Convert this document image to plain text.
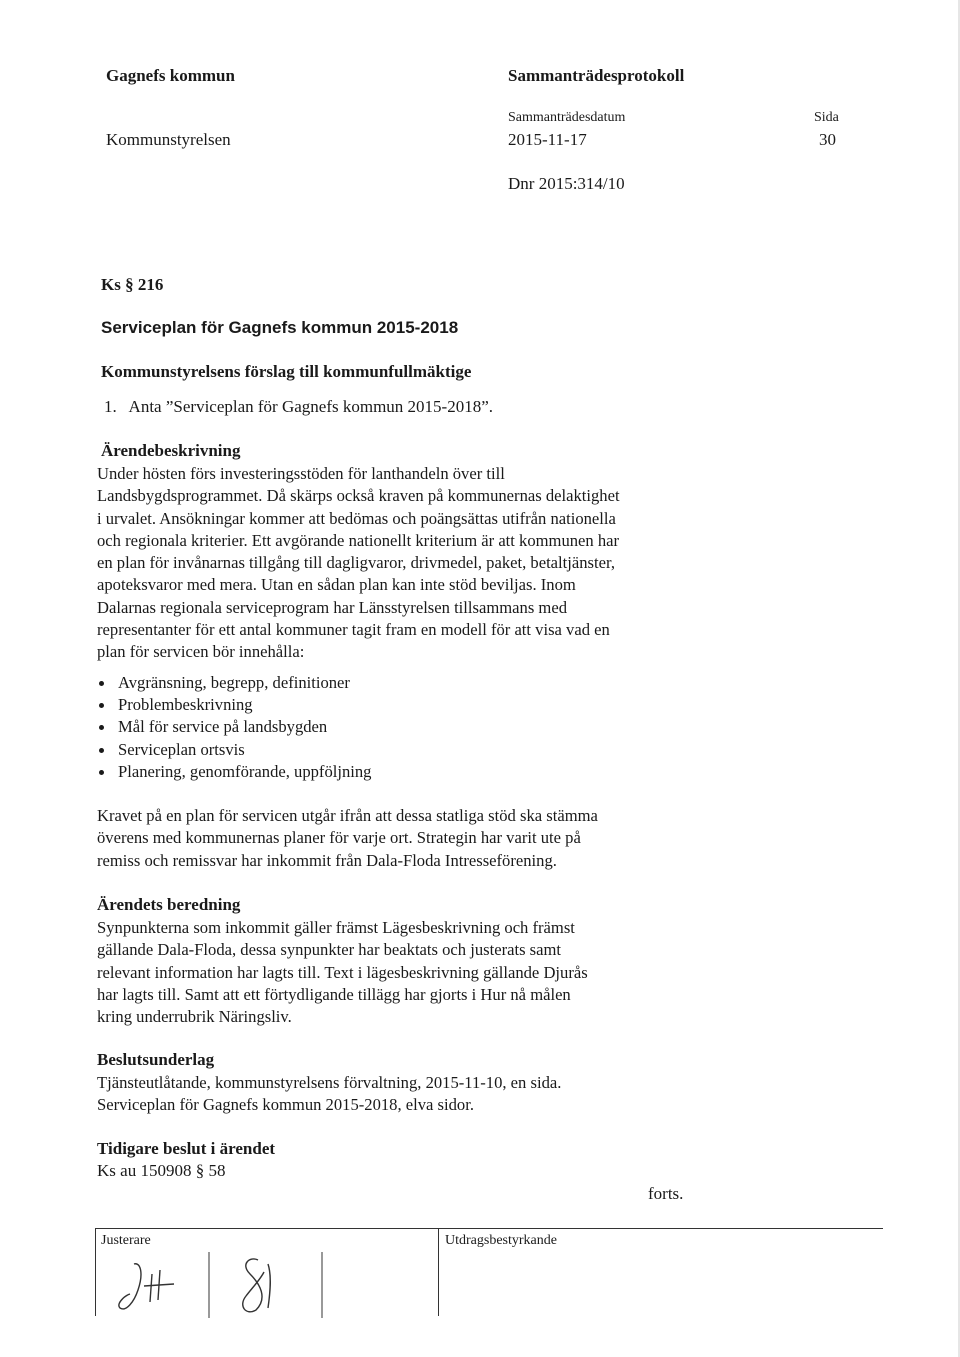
Gagnefs kommun	Sammanträdesprotokoll
Sammanträdesdatum	Sida
Kommunstyrelsen	2015-11-17	30
Dnr 2015:314/10
Ks § 216
Serviceplan för Gagnefs kommun 2015-2018
Kommunstyrelsens förslag till kommunfullmäktige
1.   Anta ”Serviceplan för Gagnefs kommun 2015-2018”.
Ärendebeskrivning
Under hösten förs investeringsstöden för lanthandeln över till
Landsbygdsprogrammet. Då skärps också kraven på kommunernas delaktighet
i urvalet. Ansökningar kommer att bedömas och poängsättas utifrån nationella
och regionala kriterier. Ett avgörande nationellt kriterium är att kommunen har
en plan för invånarnas tillgång till dagligvaror, drivmedel, paket, betaltjänster,
apoteksvaror med mera. Utan en sådan plan kan inte stöd beviljas. Inom
Dalarnas regionala serviceprogram har Länsstyrelsen tillsammans med
representanter för ett antal kommuner tagit fram en modell för att visa vad en
plan för servicen bör innehålla:
Avgränsning, begrepp, definitioner
Problembeskrivning
Mål för service på landsbygden
Serviceplan ortsvis
Planering, genomförande, uppföljning
Kravet på en plan för servicen utgår ifrån att dessa statliga stöd ska stämma
överens med kommunernas planer för varje ort. Strategin har varit ute på
remiss och remissvar har inkommit från Dala-Floda Intresseförening.
Ärendets beredning
Synpunkterna som inkommit gäller främst Lägesbeskrivning och främst
gällande Dala-Floda, dessa synpunkter har beaktats och justerats samt
relevant information har lagts till. Text i lägesbeskrivning gällande Djurås
har lagts till. Samt att ett förtydligande tillägg har gjorts i Hur nå målen
kring underrubrik Näringsliv.
Beslutsunderlag
Tjänsteutlåtande, kommunstyrelsens förvaltning, 2015-11-10, en sida.
Serviceplan för Gagnefs kommun 2015-2018, elva sidor.
Tidigare beslut i ärendet
Ks au 150908 § 58
forts.
Justerare	Utdragsbestyrkande
